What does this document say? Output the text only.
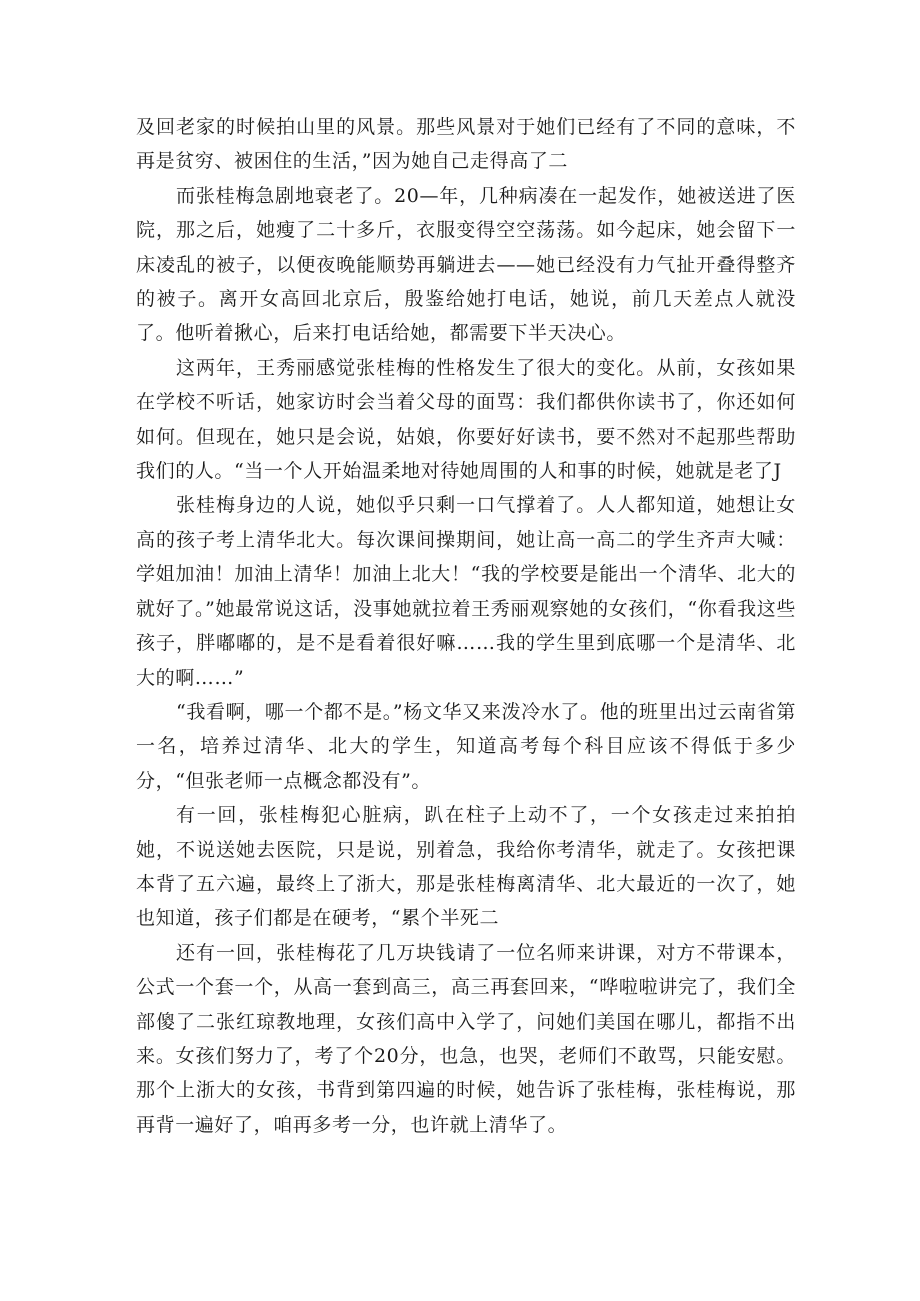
及回老家的时候拍山里的风景。那些风景对于她们已经有了不同的意味，不再是贫穷、被困住的生活，”因为她自己走得高了二

而张桂梅急剧地衰老了。20—年，几种病凑在一起发作，她被送进了医院，那之后，她瘦了二十多斤，衣服变得空空荡荡。如今起床，她会留下一床凌乱的被子，以便夜晚能顺势再躺进去——她已经没有力气扯开叠得整齐的被子。离开女高回北京后，殷鉴给她打电话，她说，前几天差点人就没了。他听着揪心，后来打电话给她，都需要下半天决心。

这两年，王秀丽感觉张桂梅的性格发生了很大的变化。从前，女孩如果在学校不听话，她家访时会当着父母的面骂：我们都供你读书了，你还如何如何。但现在，她只是会说，姑娘，你要好好读书，要不然对不起那些帮助我们的人。“当一个人开始温柔地对待她周围的人和事的时候，她就是老了J

张桂梅身边的人说，她似乎只剩一口气撑着了。人人都知道，她想让女高的孩子考上清华北大。每次课间操期间，她让高一高二的学生齐声大喊：学姐加油！加油上清华！加油上北大！“我的学校要是能出一个清华、北大的就好了。”她最常说这话，没事她就拉着王秀丽观察她的女孩们，“你看我这些孩子，胖嘟嘟的，是不是看着很好嘛……我的学生里到底哪一个是清华、北大的啊……”

“我看啊，哪一个都不是。”杨文华又来泼冷水了。他的班里出过云南省第一名，培养过清华、北大的学生，知道高考每个科目应该不得低于多少分，“但张老师一点概念都没有”。

有一回，张桂梅犯心脏病，趴在柱子上动不了，一个女孩走过来拍拍她，不说送她去医院，只是说，别着急，我给你考清华，就走了。女孩把课本背了五六遍，最终上了浙大，那是张桂梅离清华、北大最近的一次了，她也知道，孩子们都是在硬考，“累个半死二

还有一回，张桂梅花了几万块钱请了一位名师来讲课，对方不带课本，公式一个套一个，从高一套到高三，高三再套回来，“哗啦啦讲完了，我们全部傻了二张红琼教地理，女孩们高中入学了，问她们美国在哪儿，都指不出来。女孩们努力了，考了个20分，也急，也哭，老师们不敢骂，只能安慰。那个上浙大的女孩，书背到第四遍的时候，她告诉了张桂梅，张桂梅说，那再背一遍好了，咱再多考一分，也许就上清华了。
